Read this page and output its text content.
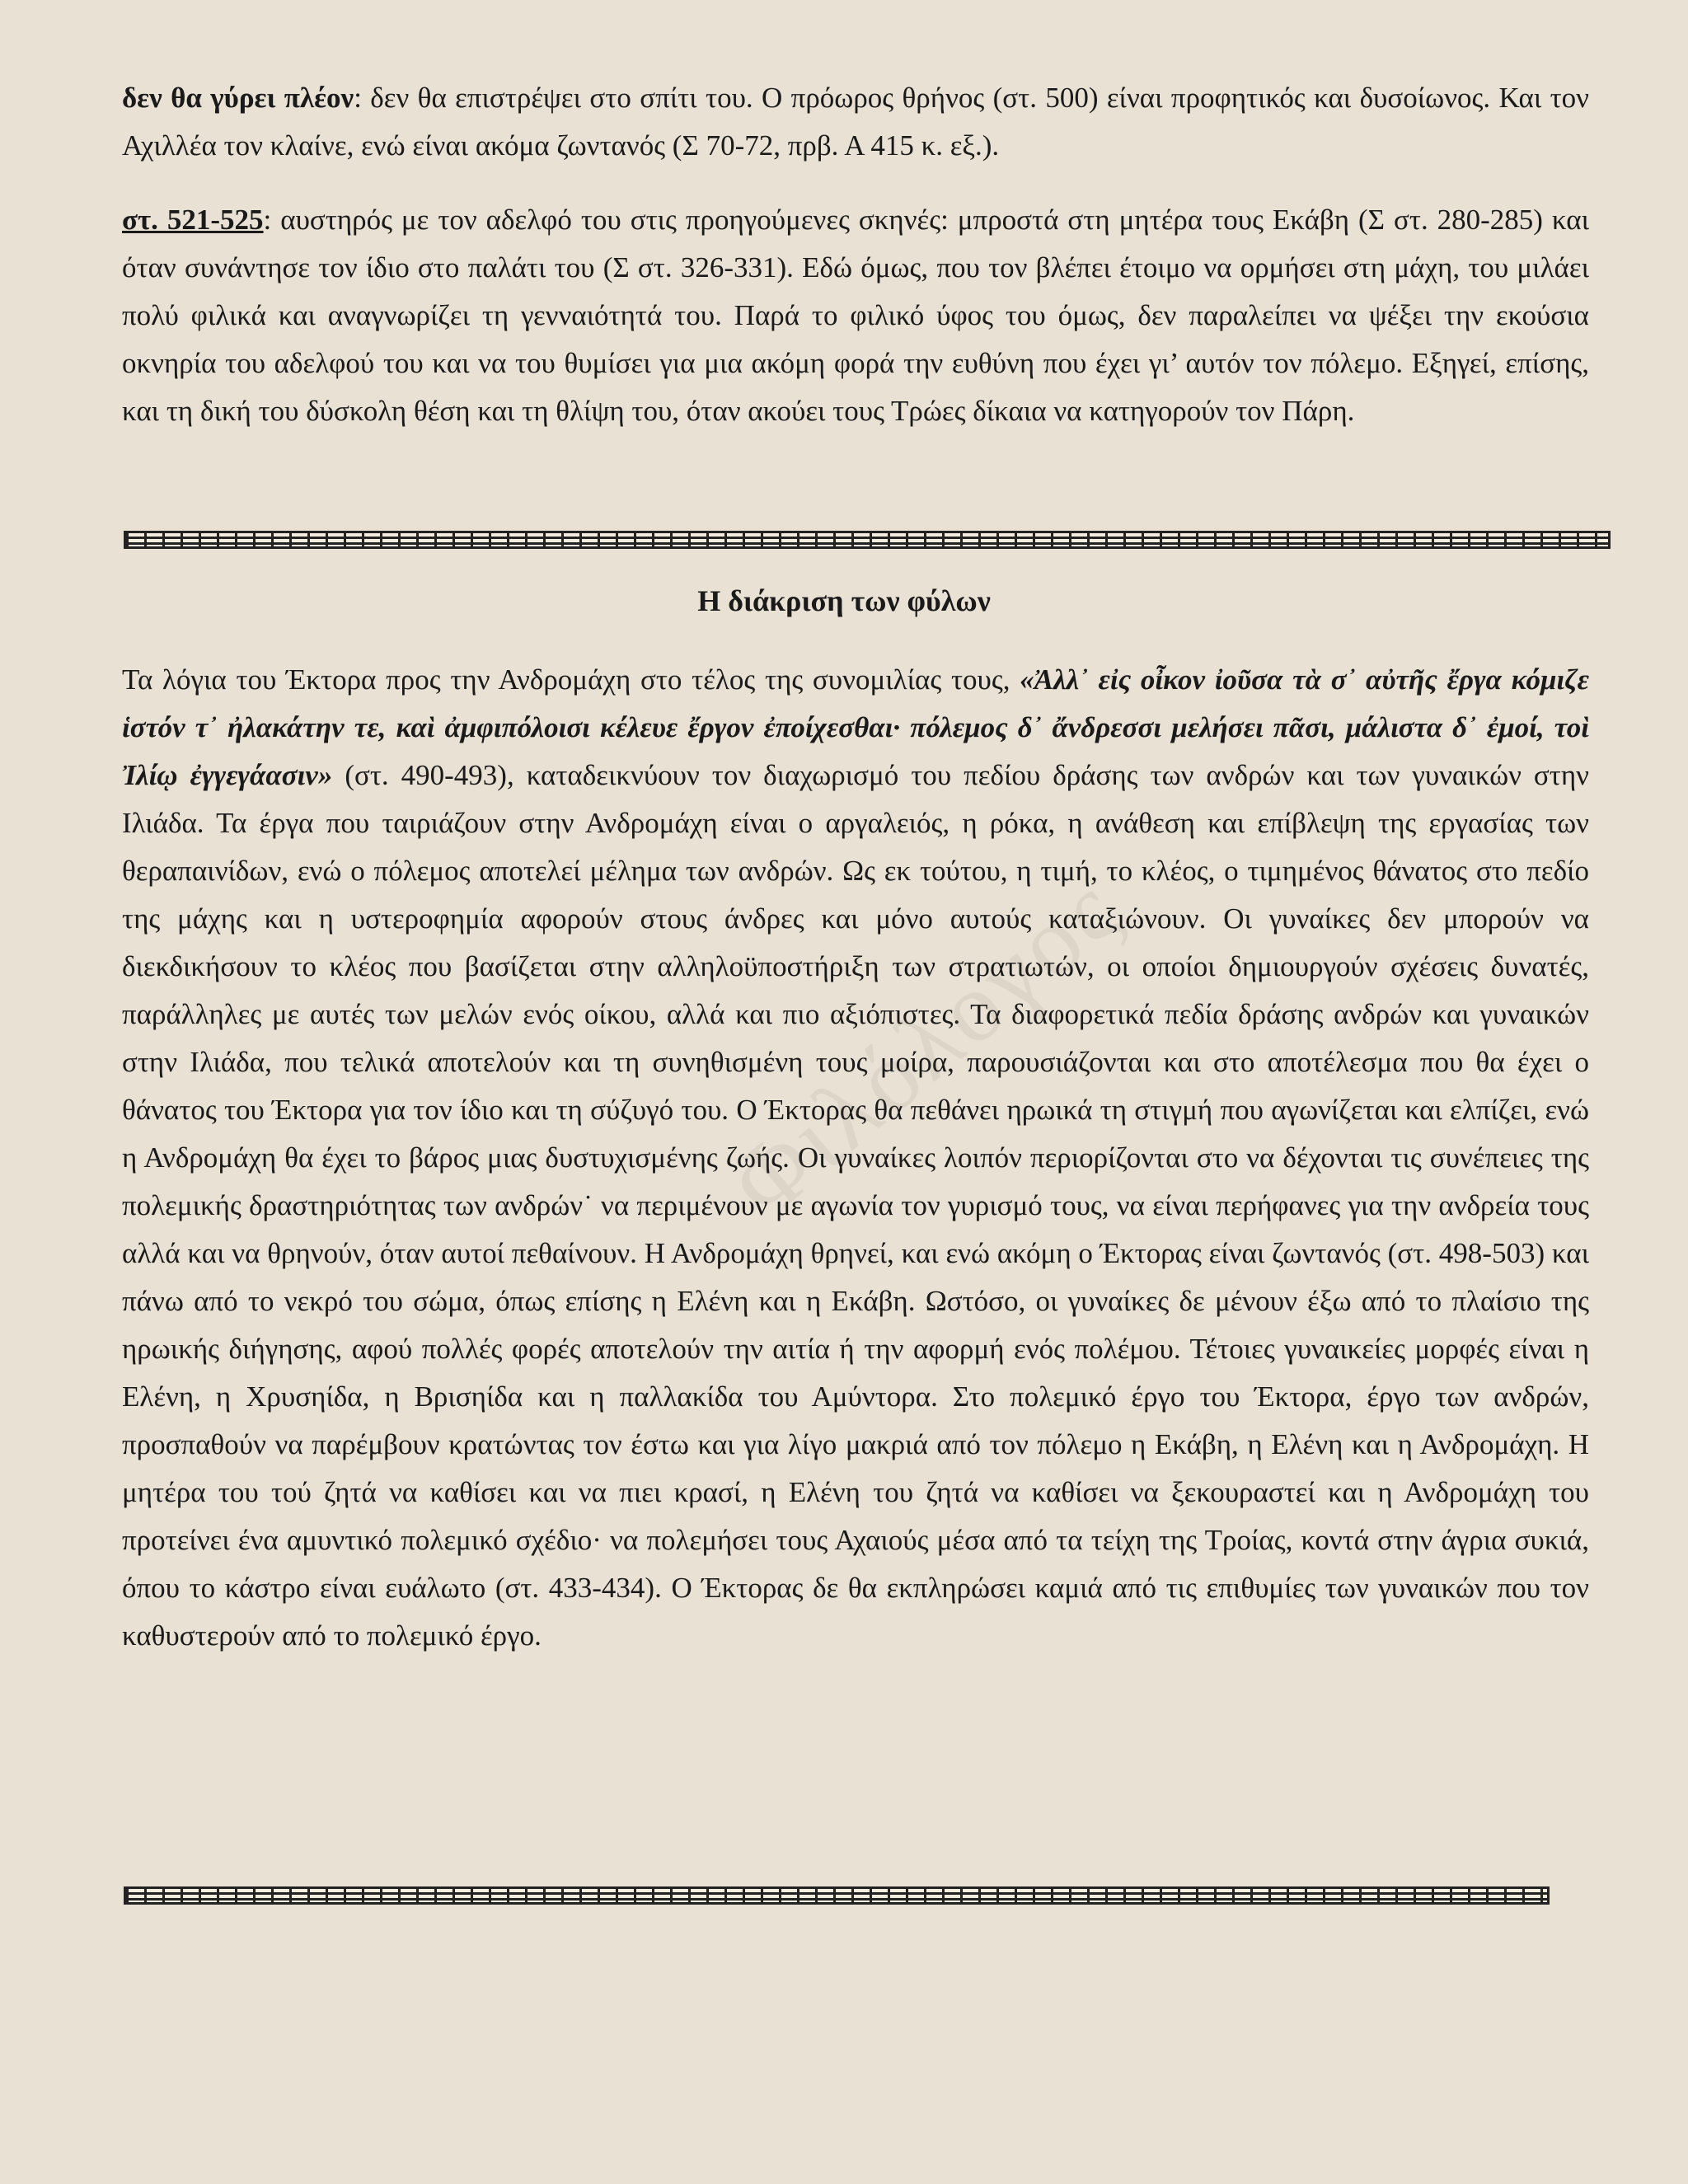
δεν θα γύρει πλέον: δεν θα επιστρέψει στο σπίτι του. Ο πρόωρος θρήνος (στ. 500) είναι προφητικός και δυσοίωνος. Και τον Αχιλλέα τον κλαίνε, ενώ είναι ακόμα ζωντανός (Σ 70-72, πρβ. Α 415 κ. εξ.).

στ. 521-525: αυστηρός με τον αδελφό του στις προηγούμενες σκηνές: μπροστά στη μητέρα τους Εκάβη (Σ στ. 280-285) και όταν συνάντησε τον ίδιο στο παλάτι του (Σ στ. 326-331). Εδώ όμως, που τον βλέπει έτοιμο να ορμήσει στη μάχη, του μιλάει πολύ φιλικά και αναγνωρίζει τη γενναιότητά του. Παρά το φιλικό ύφος του όμως, δεν παραλείπει να ψέξει την εκούσια οκνηρία του αδελφού του και να του θυμίσει για μια ακόμη φορά την ευθύνη που έχει γι’ αυτόν τον πόλεμο. Εξηγεί, επίσης, και τη δική του δύσκολη θέση και τη θλίψη του, όταν ακούει τους Τρώες δίκαια να κατηγορούν τον Πάρη.

Η διάκριση των φύλων

Τα λόγια του Έκτορα προς την Ανδρομάχη στο τέλος της συνομιλίας τους, «Ἀλλ᾽ εἰς οἶκον ἰοῦσα τὰ σ᾽ αὐτῆς ἔργα κόμιζε ἱστόν τ᾽ ἠλακάτην τε, καὶ ἀμφιπόλοισι κέλευε ἔργον ἐποίχεσθαι· πόλεμος δ᾽ ἄνδρεσσι μελήσει πᾶσι, μάλιστα δ᾽ ἐμοί, τοὶ Ἰλίῳ ἐγγεγάασιν» (στ. 490-493), καταδεικνύουν τον διαχωρισμό του πεδίου δράσης των ανδρών και των γυναικών στην Ιλιάδα. Τα έργα που ταιριάζουν στην Ανδρομάχη είναι ο αργαλειός, η ρόκα, η ανάθεση και επίβλεψη της εργασίας των θεραπαινίδων, ενώ ο πόλεμος αποτελεί μέλημα των ανδρών. Ως εκ τούτου, η τιμή, το κλέος, ο τιμημένος θάνατος στο πεδίο της μάχης και η υστεροφημία αφορούν στους άνδρες και μόνο αυτούς καταξιώνουν. Οι γυναίκες δεν μπορούν να διεκδικήσουν το κλέος που βασίζεται στην αλληλοϋποστήριξη των στρατιωτών, οι οποίοι δημιουργούν σχέσεις δυνατές, παράλληλες με αυτές των μελών ενός οίκου, αλλά και πιο αξιόπιστες. Τα διαφορετικά πεδία δράσης ανδρών και γυναικών στην Ιλιάδα, που τελικά αποτελούν και τη συνηθισμένη τους μοίρα, παρουσιάζονται και στο αποτέλεσμα που θα έχει ο θάνατος του Έκτορα για τον ίδιο και τη σύζυγό του. Ο Έκτορας θα πεθάνει ηρωικά τη στιγμή που αγωνίζεται και ελπίζει, ενώ η Ανδρομάχη θα έχει το βάρος μιας δυστυχισμένης ζωής. Οι γυναίκες λοιπόν περιορίζονται στο να δέχονται τις συνέπειες της πολεμικής δραστηριότητας των ανδρών˙ να περιμένουν με αγωνία τον γυρισμό τους, να είναι περήφανες για την ανδρεία τους αλλά και να θρηνούν, όταν αυτοί πεθαίνουν. Η Ανδρομάχη θρηνεί, και ενώ ακόμη ο Έκτορας είναι ζωντανός (στ. 498-503) και πάνω από το νεκρό του σώμα, όπως επίσης η Ελένη και η Εκάβη. Ωστόσο, οι γυναίκες δε μένουν έξω από το πλαίσιο της ηρωικής διήγησης, αφού πολλές φορές αποτελούν την αιτία ή την αφορμή ενός πολέμου. Τέτοιες γυναικείες μορφές είναι η Ελένη, η Χρυσηίδα, η Βρισηίδα και η παλλακίδα του Αμύντορα. Στο πολεμικό έργο του Έκτορα, έργο των ανδρών, προσπαθούν να παρέμβουν κρατώντας τον έστω και για λίγο μακριά από τον πόλεμο η Εκάβη, η Ελένη και η Ανδρομάχη. Η μητέρα του τού ζητά να καθίσει και να πιει κρασί, η Ελένη του ζητά να καθίσει να ξεκουραστεί και η Ανδρομάχη του προτείνει ένα αμυντικό πολεμικό σχέδιο· να πολεμήσει τους Αχαιούς μέσα από τα τείχη της Τροίας, κοντά στην άγρια συκιά, όπου το κάστρο είναι ευάλωτο (στ. 433-434). Ο Έκτορας δε θα εκπληρώσει καμιά από τις επιθυμίες των γυναικών που τον καθυστερούν από το πολεμικό έργο.

Φιλόλογος
